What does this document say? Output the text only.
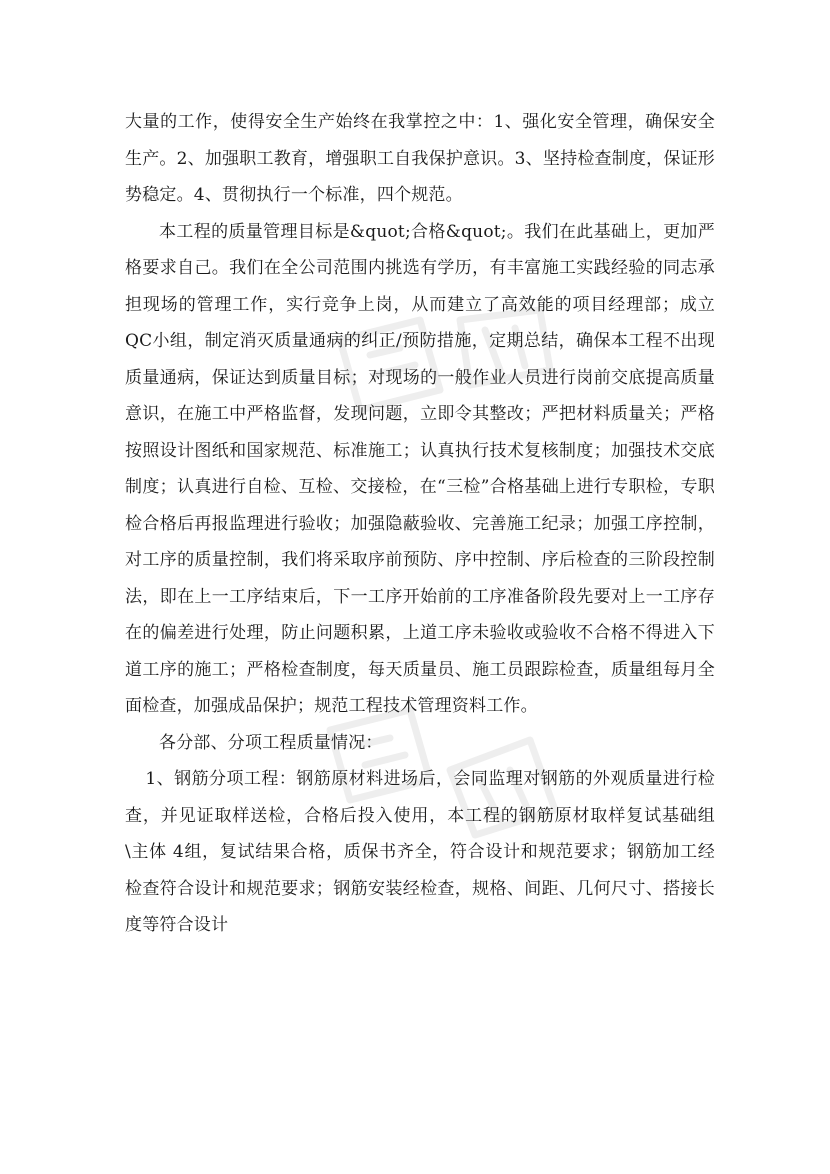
大量的工作，使得安全生产始终在我掌控之中：1、强化安全管理，确保安全生产。2、加强职工教育，增强职工自我保护意识。3、坚持检查制度，保证形势稳定。4、贯彻执行一个标准，四个规范。

本工程的质量管理目标是&quot;合格&quot;。我们在此基础上，更加严格要求自己。我们在全公司范围内挑选有学历，有丰富施工实践经验的同志承担现场的管理工作，实行竞争上岗，从而建立了高效能的项目经理部；成立QC小组，制定消灭质量通病的纠正/预防措施，定期总结，确保本工程不出现质量通病，保证达到质量目标；对现场的一般作业人员进行岗前交底提高质量意识，在施工中严格监督，发现问题，立即令其整改；严把材料质量关；严格按照设计图纸和国家规范、标准施工；认真执行技术复核制度；加强技术交底制度；认真进行自检、互检、交接检，在“三检”合格基础上进行专职检，专职检合格后再报监理进行验收；加强隐蔽验收、完善施工纪录；加强工序控制，对工序的质量控制，我们将采取序前预防、序中控制、序后检查的三阶段控制法，即在上一工序结束后，下一工序开始前的工序准备阶段先要对上一工序存在的偏差进行处理，防止问题积累，上道工序未验收或验收不合格不得进入下道工序的施工；严格检查制度，每天质量员、施工员跟踪检查，质量组每月全面检查，加强成品保护；规范工程技术管理资料工作。

各分部、分项工程质量情况：

1、钢筋分项工程：钢筋原材料进场后，会同监理对钢筋的外观质量进行检查，并见证取样送检，合格后投入使用，本工程的钢筋原材取样复试基础组\主体 4组，复试结果合格，质保书齐全，符合设计和规范要求；钢筋加工经检查符合设计和规范要求；钢筋安装经检查，规格、间距、几何尺寸、搭接长度等符合设计
